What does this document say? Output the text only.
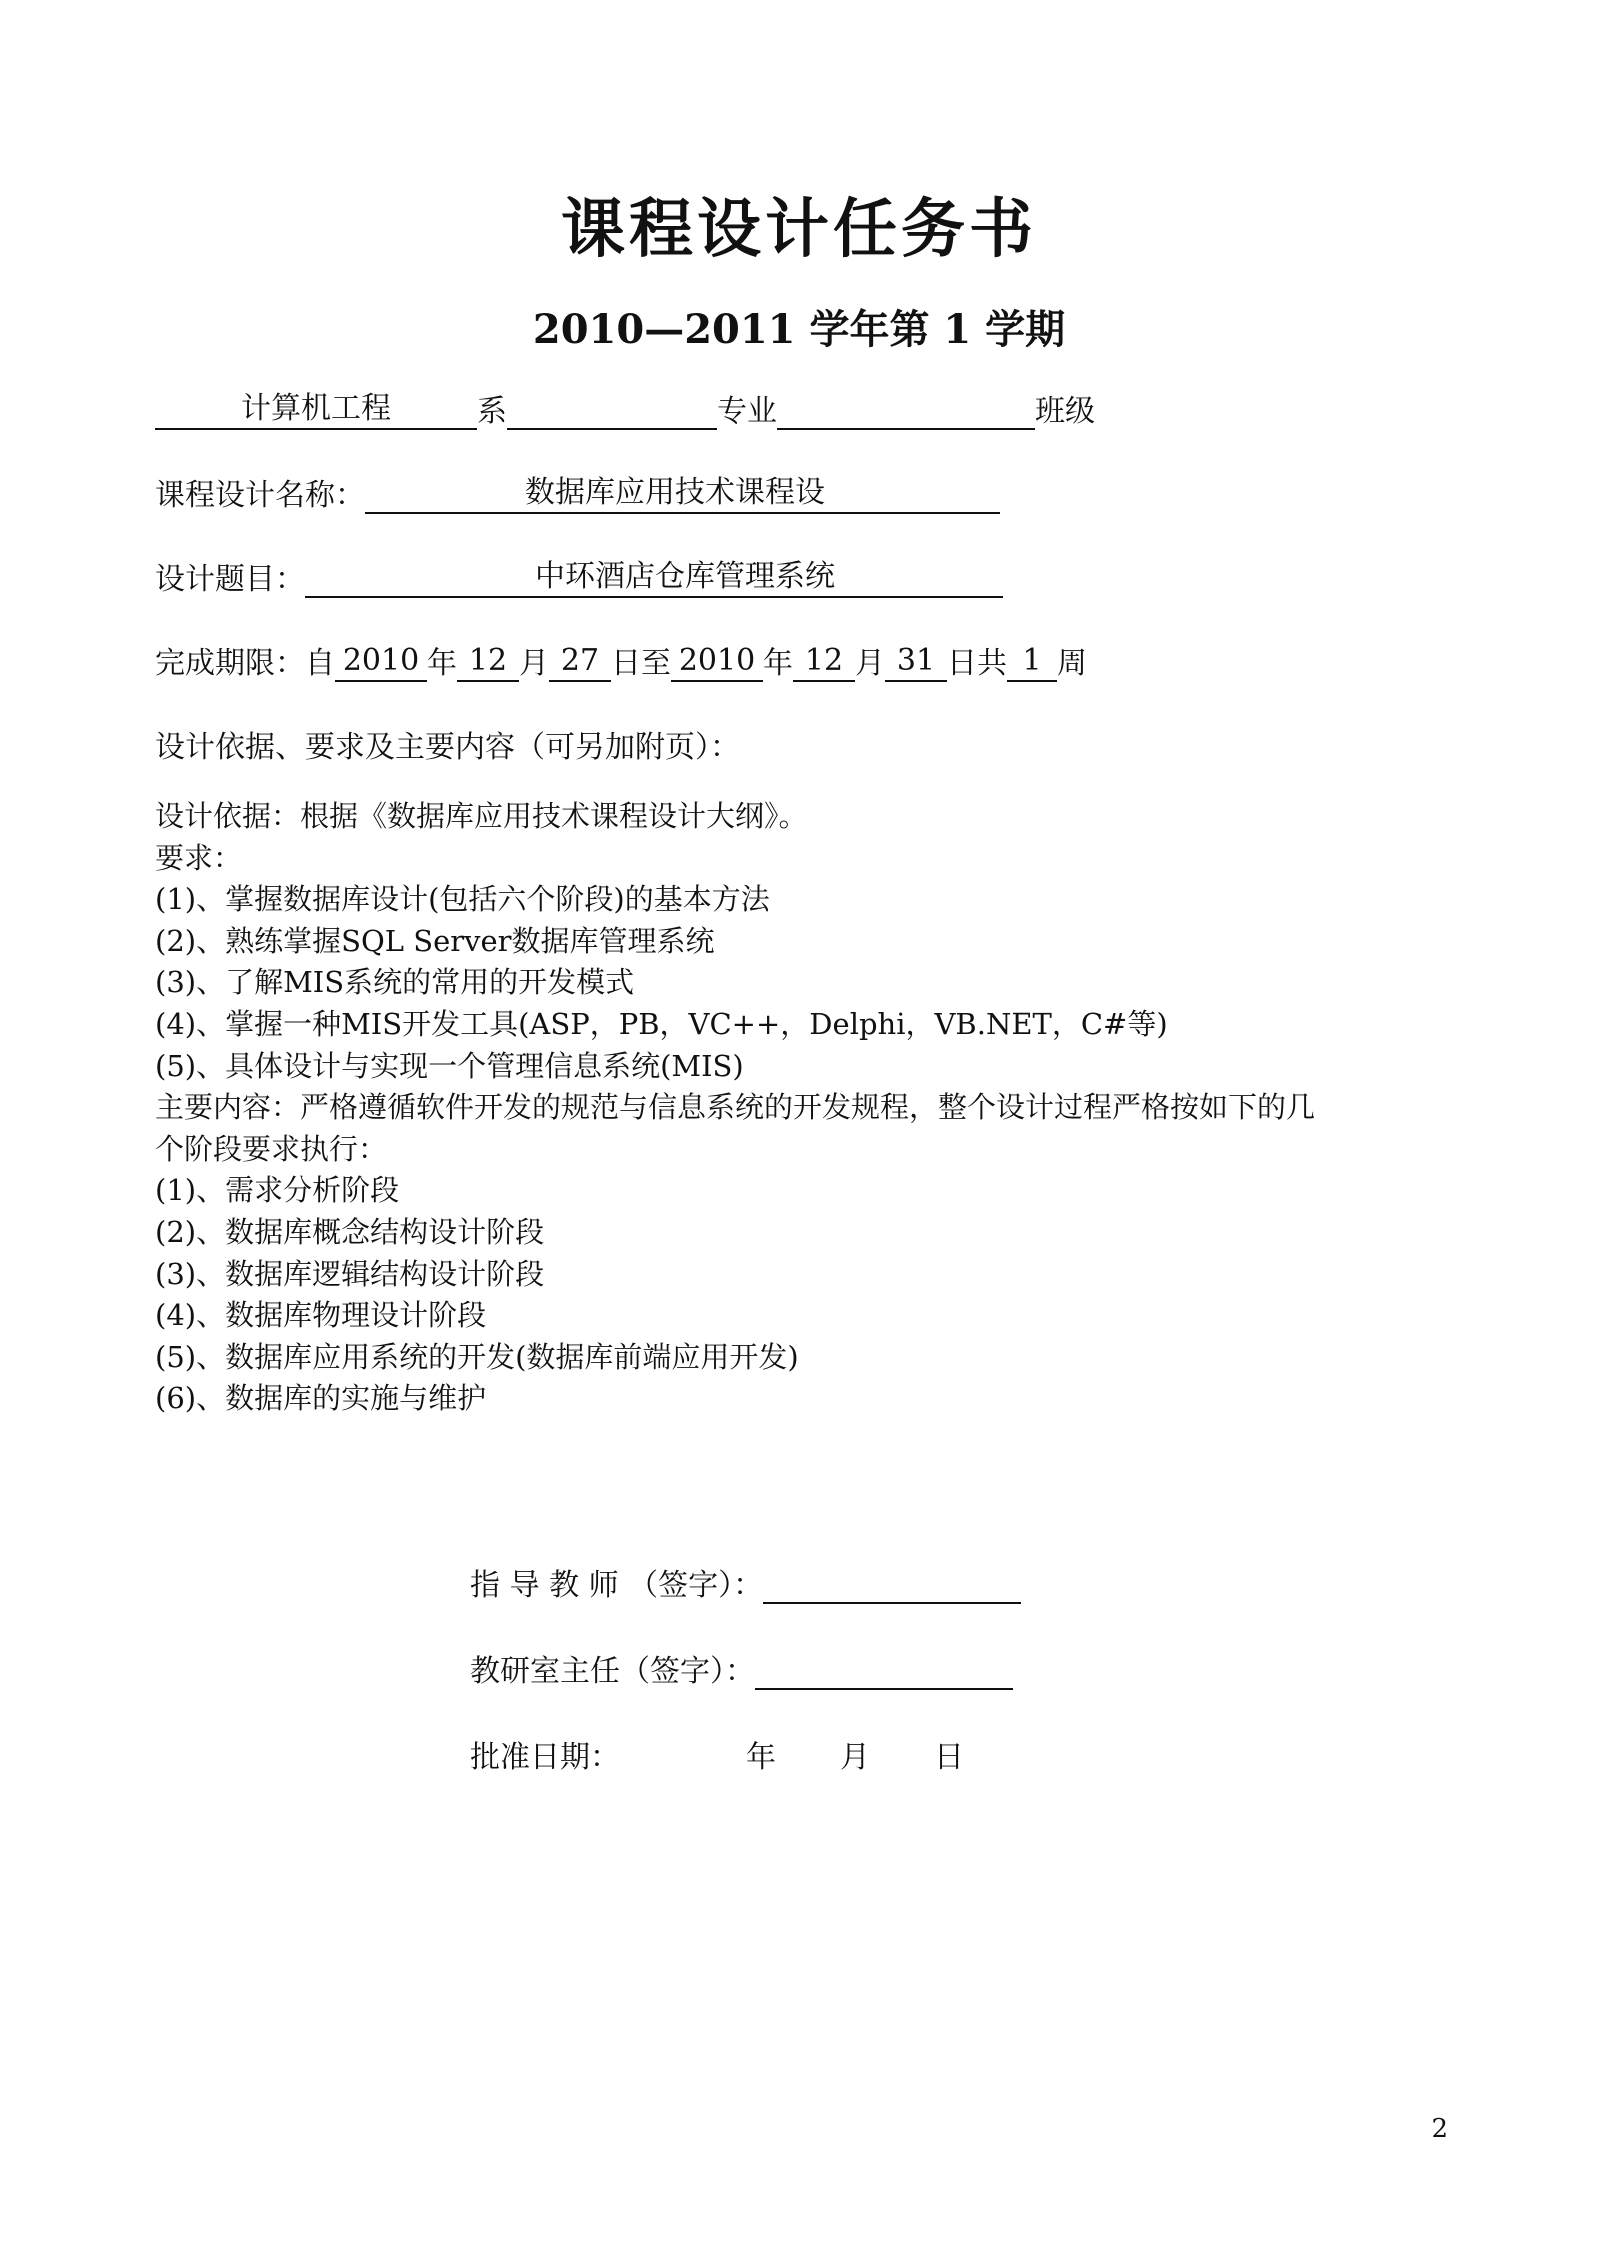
课程设计任务书
2010—2011 学年第 1 学期
计算机工程	系	专业	班级
课程设计名称：	数据库应用技术课程设
设计题目：	中环酒店仓库管理系统
完成期限：自 2010 年 12 月 27 日至 2010 年 12 月 31 日共 1 周
设计依据、要求及主要内容（可另加附页）：
设计依据：根据《数据库应用技术课程设计大纲》。
要求：
(1)、掌握数据库设计(包括六个阶段)的基本方法
(2)、熟练掌握SQL Server数据库管理系统
(3)、了解MIS系统的常用的开发模式
(4)、掌握一种MIS开发工具(ASP，PB，VC++，Delphi，VB.NET，C#等)
(5)、具体设计与实现一个管理信息系统(MIS)
主要内容：严格遵循软件开发的规范与信息系统的开发规程，整个设计过程严格按如下的几
个阶段要求执行：
(1)、需求分析阶段
(2)、数据库概念结构设计阶段
(3)、数据库逻辑结构设计阶段
(4)、数据库物理设计阶段
(5)、数据库应用系统的开发(数据库前端应用开发)
(6)、数据库的实施与维护
指 导 教 师 （签字）：
教研室主任（签字）：
批准日期：	年 月 日
2
